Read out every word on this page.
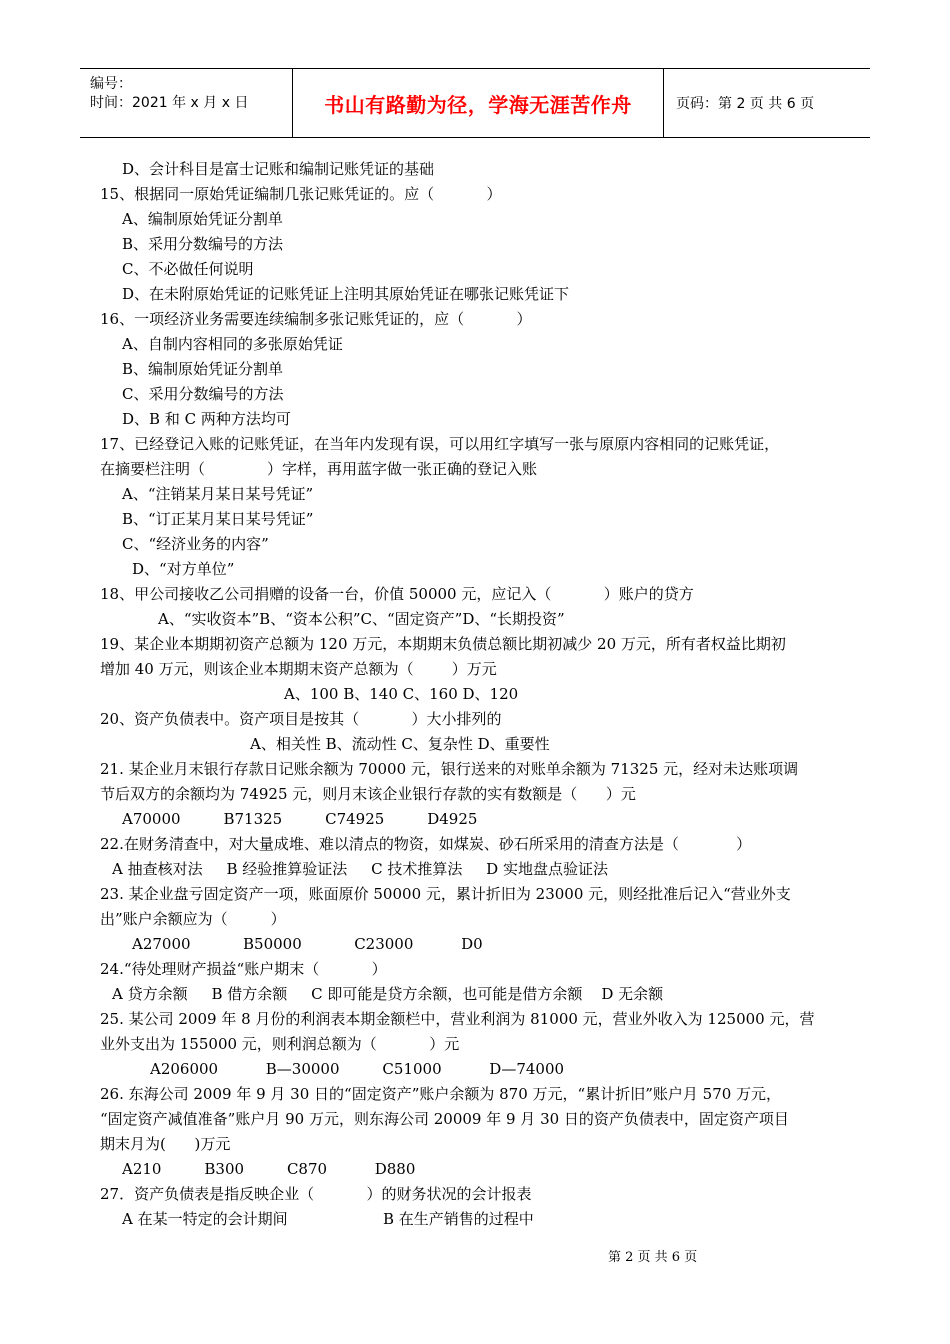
编号：
时间：2021 年 x 月 x 日	书山有路勤为径，学海无涯苦作舟	页码：第 2 页 共 6 页
D、会计科目是富士记账和编制记账凭证的基础
15、根据同一原始凭证编制几张记账凭证的。应（           ）
A、编制原始凭证分割单
B、采用分数编号的方法
C、不必做任何说明
D、在未附原始凭证的记账凭证上注明其原始凭证在哪张记账凭证下
16、一项经济业务需要连续编制多张记账凭证的，应（           ）
A、自制内容相同的多张原始凭证
B、编制原始凭证分割单
C、采用分数编号的方法
D、B 和 C 两种方法均可
17、已经登记入账的记账凭证，在当年内发现有误，可以用红字填写一张与原原内容相同的记账凭证，
在摘要栏注明（             ）字样，再用蓝字做一张正确的登记入账
A、“注销某月某日某号凭证”
B、“订正某月某日某号凭证”
C、“经济业务的内容”
D、“对方单位”
18、甲公司接收乙公司捐赠的设备一台，价值 50000 元，应记入（           ）账户的贷方
A、“实收资本”B、“资本公积”C、“固定资产”D、“长期投资”
19、某企业本期期初资产总额为 120 万元，本期期末负债总额比期初减少 20 万元，所有者权益比期初
增加 40 万元，则该企业本期期末资产总额为（        ）万元
A、100 B、140 C、160 D、120
20、资产负债表中。资产项目是按其（           ）大小排列的
A、相关性 B、流动性 C、复杂性 D、重要性
21. 某企业月末银行存款日记账余额为 70000 元，银行送来的对账单余额为 71325 元，经对未达账项调
节后双方的余额均为 74925 元，则月末该企业银行存款的实有数额是（      ）元
A70000         B71325         C74925         D4925
22.在财务清查中，对大量成堆、难以清点的物资，如煤炭、砂石所采用的清查方法是（            ）
A 抽查核对法     B 经验推算验证法     C 技术推算法     D 实地盘点验证法
23. 某企业盘亏固定资产一项，账面原价 50000 元，累计折旧为 23000 元，则经批准后记入“营业外支
出”账户余额应为（         ）
A27000           B50000           C23000          D0
24.“待处理财产损益“账户期末（           ）
A 贷方余额     B 借方余额     C 即可能是贷方余额，也可能是借方余额    D 无余额
25. 某公司 2009 年 8 月份的利润表本期金额栏中，营业利润为 81000 元，营业外收入为 125000 元，营
业外支出为 155000 元，则利润总额为（           ）元
A206000          B—30000         C51000          D—74000
26. 东海公司 2009 年 9 月 30 日的“固定资产”账户余额为 870 万元，“累计折旧”账户月 570 万元，
“固定资产减值准备”账户月 90 万元，则东海公司 20009 年 9 月 30 日的资产负债表中，固定资产项目
期末月为(      )万元
A210         B300         C870          D880
27．资产负债表是指反映企业（           ）的财务状况的会计报表
A 在某一特定的会计期间                    B 在生产销售的过程中
第 2 页 共 6 页
